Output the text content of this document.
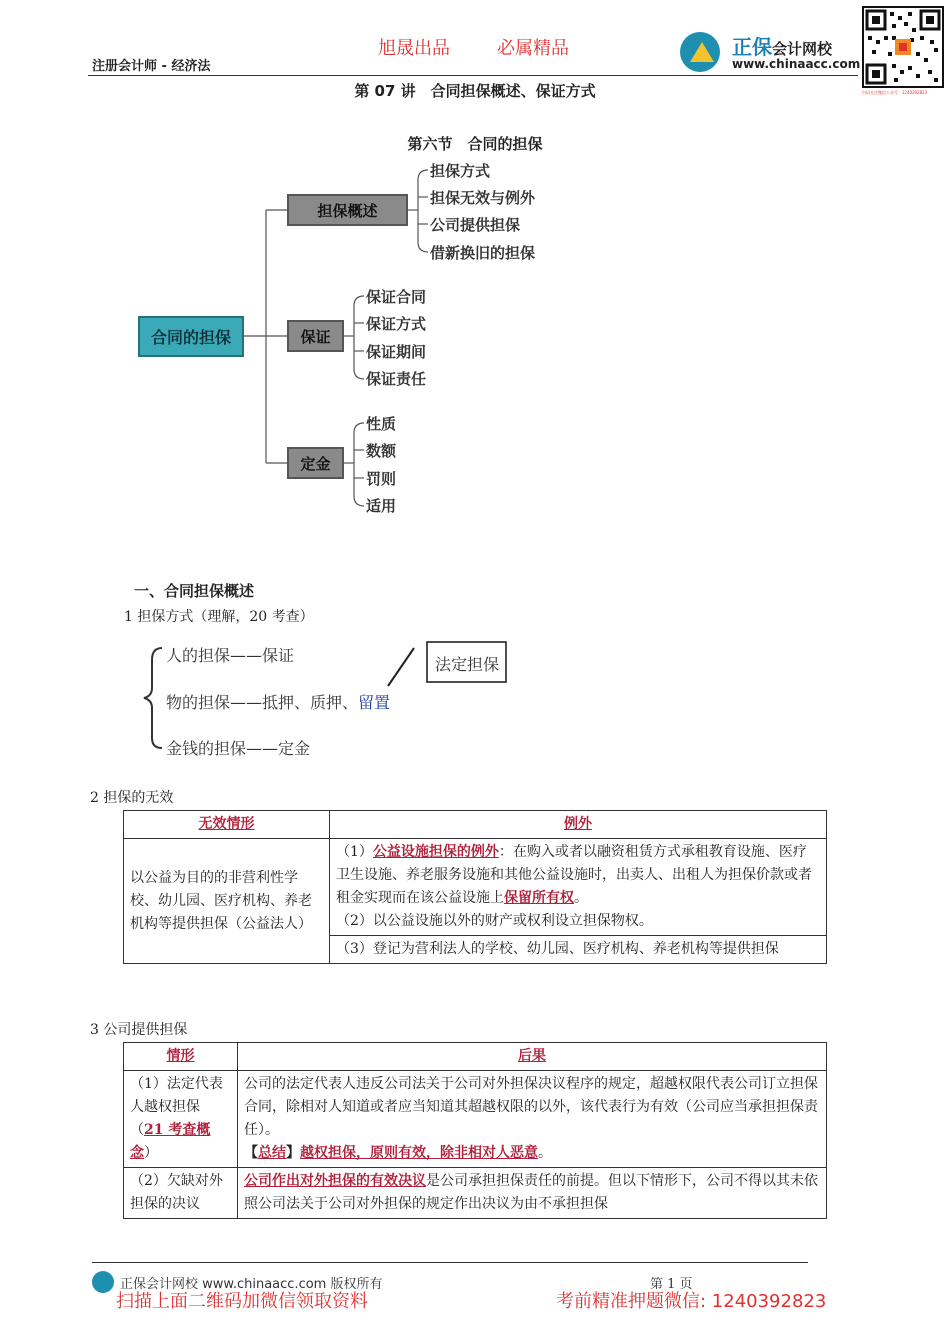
注册会计师 - 经济法
旭晟出品	必属精品	正保会计网校
www.chinaacc.com
扫码关注微信公众号 · 1240392823
第 07 讲　合同担保概述、保证方式
第六节　合同的担保
合同的担保
担保概述
保证
定金
担保方式
担保无效与例外
公司提供担保
借新换旧的担保
保证合同
保证方式
保证期间
保证责任
性质
数额
罚则
适用
一、合同担保概述
1 担保方式（理解，20 考查）
人的担保——保证
物的担保——抵押、质押、留置
金钱的担保——定金
法定担保
2 担保的无效
无效情形	例外
以公益为目的的非营利性学校、幼儿园、医疗机构、养老机构等提供担保（公益法人）	（1）公益设施担保的例外：在购入或者以融资租赁方式承租教育设施、医疗卫生设施、养老服务设施和其他公益设施时，出卖人、出租人为担保价款或者租金实现而在该公益设施上保留所有权。
（2）以公益设施以外的财产或权利设立担保物权。
	（3）登记为营利法人的学校、幼儿园、医疗机构、养老机构等提供担保
3 公司提供担保
情形	后果
（1）法定代表人越权担保
（21 考查概念）	公司的法定代表人违反公司法关于公司对外担保决议程序的规定，超越权限代表公司订立担保合同，除相对人知道或者应当知道其超越权限的以外，该代表行为有效（公司应当承担担保责任）。
【总结】越权担保，原则有效，除非相对人恶意。
（2）欠缺对外担保的决议	公司作出对外担保的有效决议是公司承担担保责任的前提。但以下情形下，公司不得以其未依照公司法关于公司对外担保的规定作出决议为由不承担担保
正保会计网校 www.chinaacc.com 版权所有	第 1 页
扫描上面二维码加微信领取资料	考前精准押题微信: 1240392823
